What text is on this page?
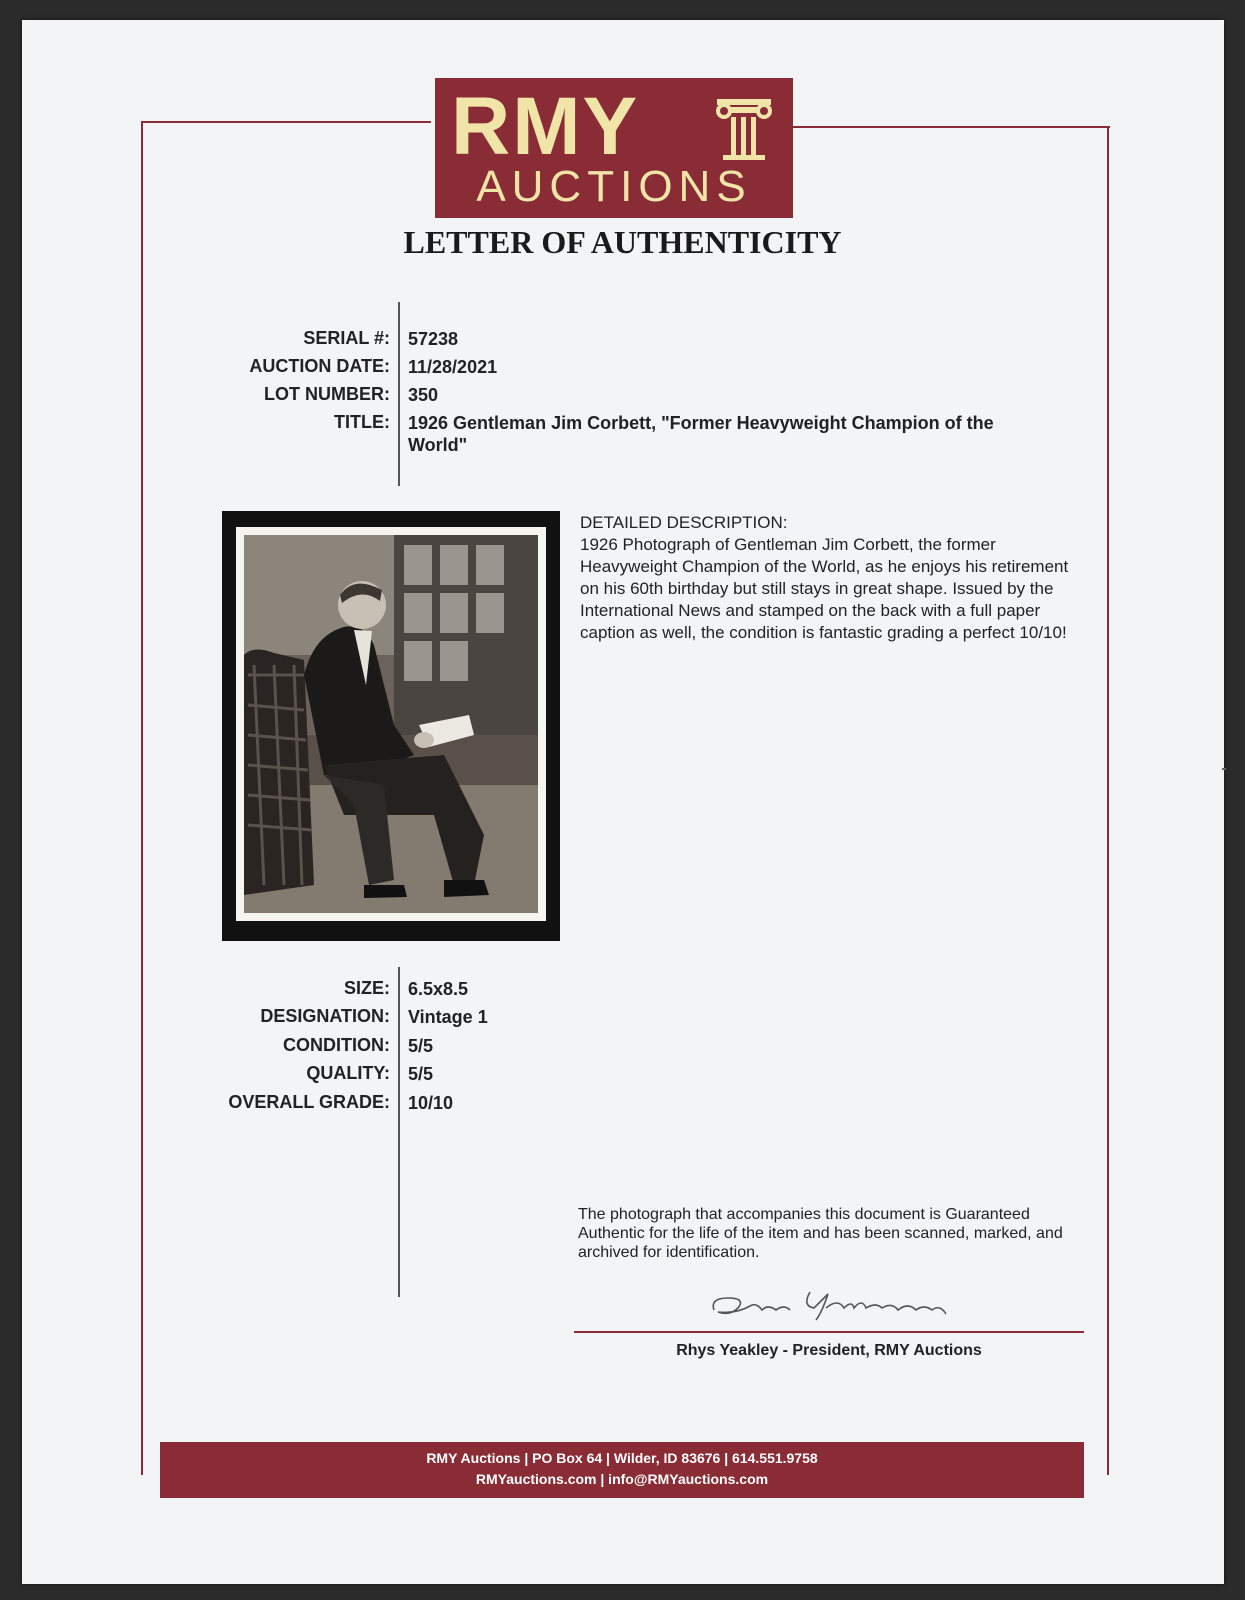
RMY
AUCTIONS
LETTER OF AUTHENTICITY
SERIAL #: 57238
AUCTION DATE: 11/28/2021
LOT NUMBER: 350
TITLE: 1926 Gentleman Jim Corbett, "Former Heavyweight Champion of the World"
DETAILED DESCRIPTION:
1926 Photograph of Gentleman Jim Corbett, the former Heavyweight Champion of the World, as he enjoys his retirement on his 60th birthday but still stays in great shape. Issued by the International News and stamped on the back with a full paper caption as well, the condition is fantastic grading a perfect 10/10!
SIZE: 6.5x8.5
DESIGNATION: Vintage 1
CONDITION: 5/5
QUALITY: 5/5
OVERALL GRADE: 10/10
The photograph that accompanies this document is Guaranteed Authentic for the life of the item and has been scanned, marked, and archived for identification.
Rhys Yeakley - President, RMY Auctions
RMY Auctions | PO Box 64 | Wilder, ID 83676 | 614.551.9758
RMYauctions.com | info@RMYauctions.com
